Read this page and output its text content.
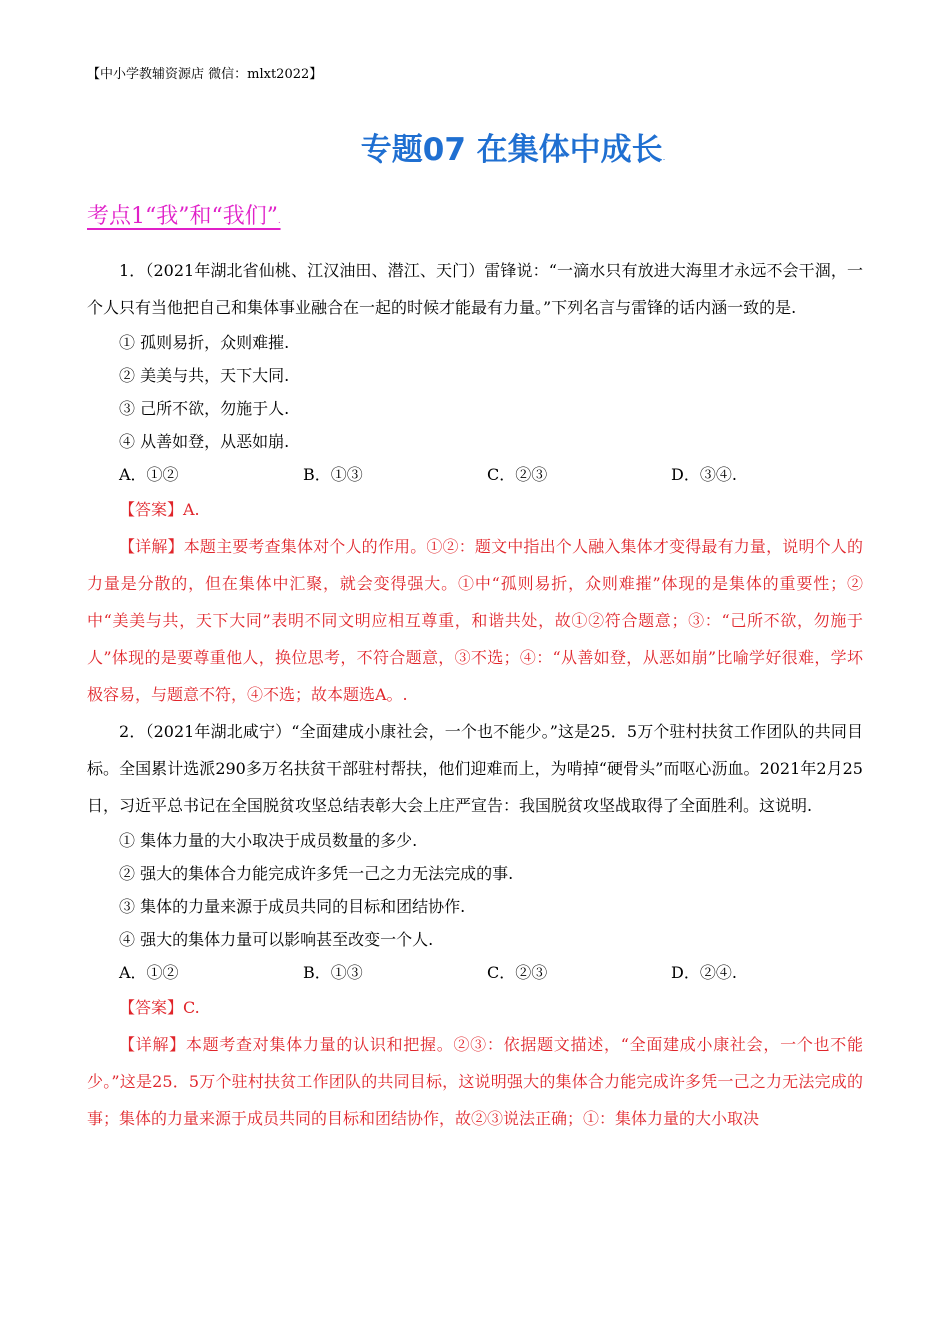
【中小学教辅资源店 微信：mlxt2022】
专题07 在集体中成长.
考点1“我”和“我们”.

1．（2021年湖北省仙桃、江汉油田、潜江、天门）雷锋说：“一滴水只有放进大海里才永远不会干涸，一个人只有当他把自己和集体事业融合在一起的时候才能最有力量。”下列名言与雷锋的话内涵一致的是.

① 孤则易折，众则难摧.

② 美美与共，天下大同.

③ 己所不欲，勿施于人.

④ 从善如登，从恶如崩.

A．①②	B．①③	C．②③	D．③④.

【答案】A.

【详解】本题主要考查集体对个人的作用。①②：题文中指出个人融入集体才变得最有力量，说明个人的力量是分散的，但在集体中汇聚，就会变得强大。①中“孤则易折，众则难摧”体现的是集体的重要性；②中“美美与共，天下大同”表明不同文明应相互尊重，和谐共处，故①②符合题意；③：“己所不欲，勿施于人”体现的是要尊重他人，换位思考，不符合题意，③不选；④：“从善如登，从恶如崩”比喻学好很难，学坏极容易，与题意不符，④不选；故本题选A。.

2．（2021年湖北咸宁）“全面建成小康社会，一个也不能少。”这是25．5万个驻村扶贫工作团队的共同目标。全国累计选派290多万名扶贫干部驻村帮扶，他们迎难而上，为啃掉“硬骨头”而呕心沥血。2021年2月25日，习近平总书记在全国脱贫攻坚总结表彰大会上庄严宣告：我国脱贫攻坚战取得了全面胜利。这说明.

① 集体力量的大小取决于成员数量的多少.

② 强大的集体合力能完成许多凭一己之力无法完成的事.

③ 集体的力量来源于成员共同的目标和团结协作.

④ 强大的集体力量可以影响甚至改变一个人.

A．①②	B．①③	C．②③	D．②④.

【答案】C.

【详解】本题考查对集体力量的认识和把握。②③：依据题文描述，“全面建成小康社会，一个也不能少。”这是25．5万个驻村扶贫工作团队的共同目标，这说明强大的集体合力能完成许多凭一己之力无法完成的事；集体的力量来源于成员共同的目标和团结协作，故②③说法正确；①：集体力量的大小取决
